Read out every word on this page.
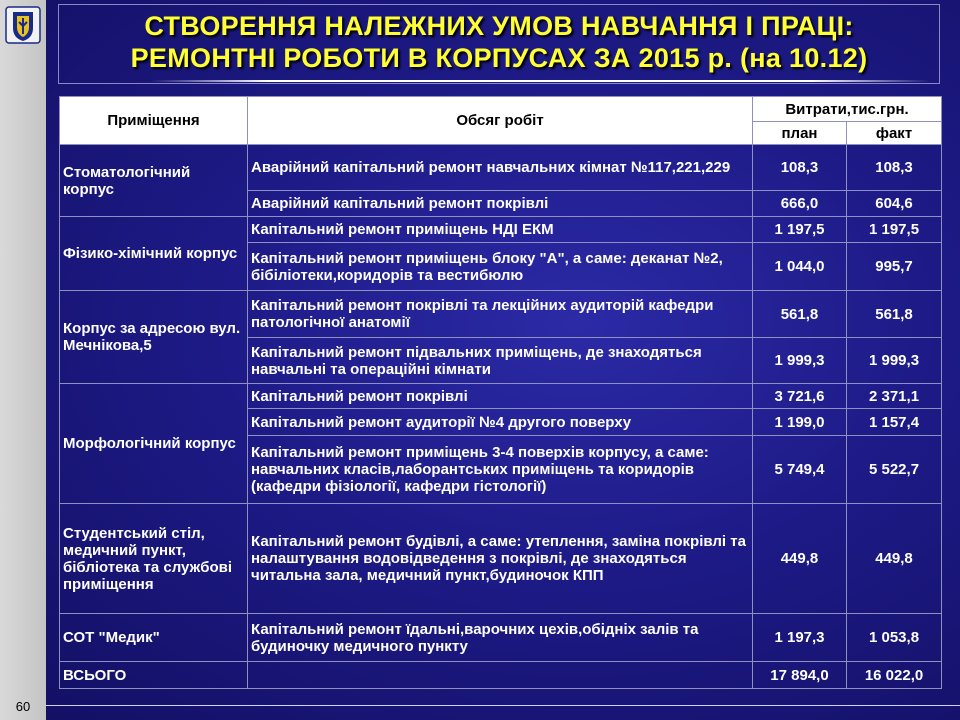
60
СТВОРЕННЯ НАЛЕЖНИХ УМОВ НАВЧАННЯ І ПРАЦІ:
РЕМОНТНІ РОБОТИ В КОРПУСАХ ЗА 2015 р. (на 10.12)
Приміщення	Обсяг робіт	Витрати,тис.грн.	
		план	факт
Стоматологічний корпус	Аварійний капітальний ремонт навчальних кімнат №117,221,229	108,3	108,3
	Аварійний капітальний ремонт покрівлі	666,0	604,6
Фізико-хімічний корпус	Капітальний ремонт приміщень НДІ ЕКМ	1 197,5	1 197,5
	Капітальний ремонт приміщень блоку "А", а саме: деканат №2, бібіліотеки,коридорів та вестибюлю	1 044,0	995,7
Корпус за адресою вул. Мечнікова,5	Капітальний ремонт покрівлі та лекційних аудиторій кафедри патологічної анатомії	561,8	561,8
	Капітальний ремонт підвальних приміщень, де знаходяться навчальні та операційні кімнати	1 999,3	1 999,3
Морфологічний корпус	Капітальний ремонт покрівлі	3 721,6	2 371,1
	Капітальний ремонт аудиторії №4 другого поверху	1 199,0	1 157,4
	Капітальний ремонт приміщень 3-4 поверхів корпусу, а саме: навчальних класів,лаборантських приміщень та коридорів (кафедри фізіології, кафедри гістології)	5 749,4	5 522,7
Студентський стіл, медичний пункт, бібліотека та службові приміщення	Капітальний ремонт будівлі, а саме: утеплення, заміна покрівлі та налаштування водовідведення з покрівлі, де знаходяться читальна зала, медичний пункт,будиночок КПП	449,8	449,8
СОТ "Медик"	Капітальний ремонт їдальні,варочних цехів,обідніх залів та будиночку медичного пункту	1 197,3	1 053,8
ВСЬОГО		17 894,0	16 022,0
